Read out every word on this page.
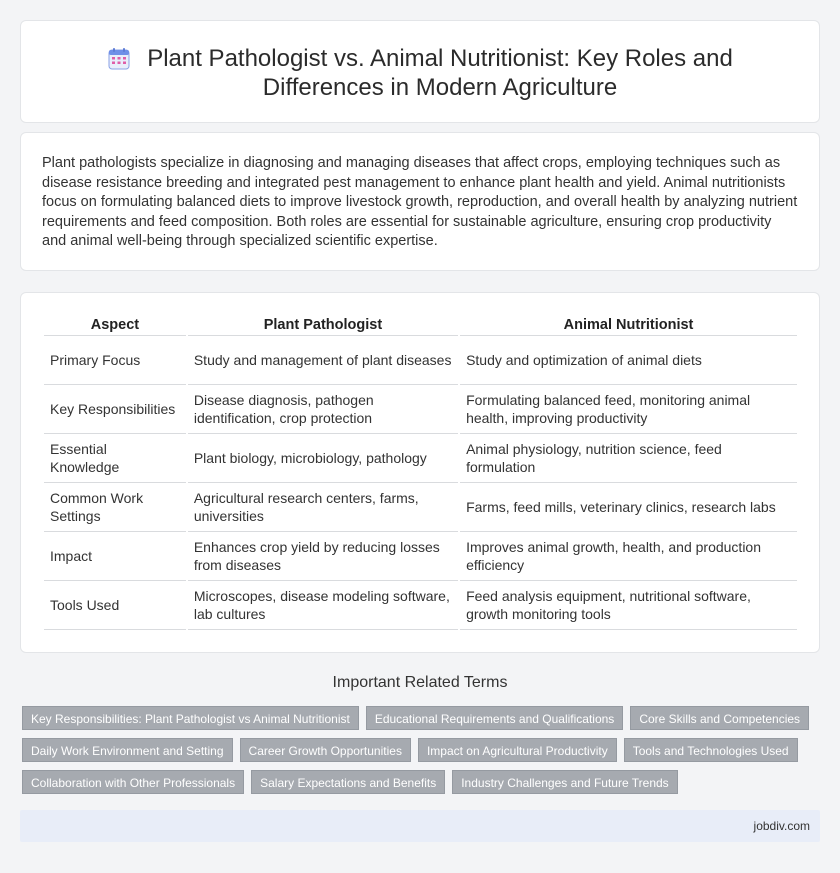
Plant Pathologist vs. Animal Nutritionist: Key Roles and Differences in Modern Agriculture

Plant pathologists specialize in diagnosing and managing diseases that affect crops, employing techniques such as disease resistance breeding and integrated pest management to enhance plant health and yield. Animal nutritionists focus on formulating balanced diets to improve livestock growth, reproduction, and overall health by analyzing nutrient requirements and feed composition. Both roles are essential for sustainable agriculture, ensuring crop productivity and animal well-being through specialized scientific expertise.

Aspect	Plant Pathologist	Animal Nutritionist
Primary Focus	Study and management of plant diseases	Study and optimization of animal diets
Key Responsibilities	Disease diagnosis, pathogen identification, crop protection	Formulating balanced feed, monitoring animal health, improving productivity
Essential Knowledge	Plant biology, microbiology, pathology	Animal physiology, nutrition science, feed formulation
Common Work Settings	Agricultural research centers, farms, universities	Farms, feed mills, veterinary clinics, research labs
Impact	Enhances crop yield by reducing losses from diseases	Improves animal growth, health, and production efficiency
Tools Used	Microscopes, disease modeling software, lab cultures	Feed analysis equipment, nutritional software, growth monitoring tools
Important Related Terms
Key Responsibilities: Plant Pathologist vs Animal Nutritionist	Educational Requirements and Qualifications	Core Skills and Competencies
Daily Work Environment and Setting	Career Growth Opportunities	Impact on Agricultural Productivity	Tools and Technologies Used
Collaboration with Other Professionals	Salary Expectations and Benefits	Industry Challenges and Future Trends
jobdiv.com
